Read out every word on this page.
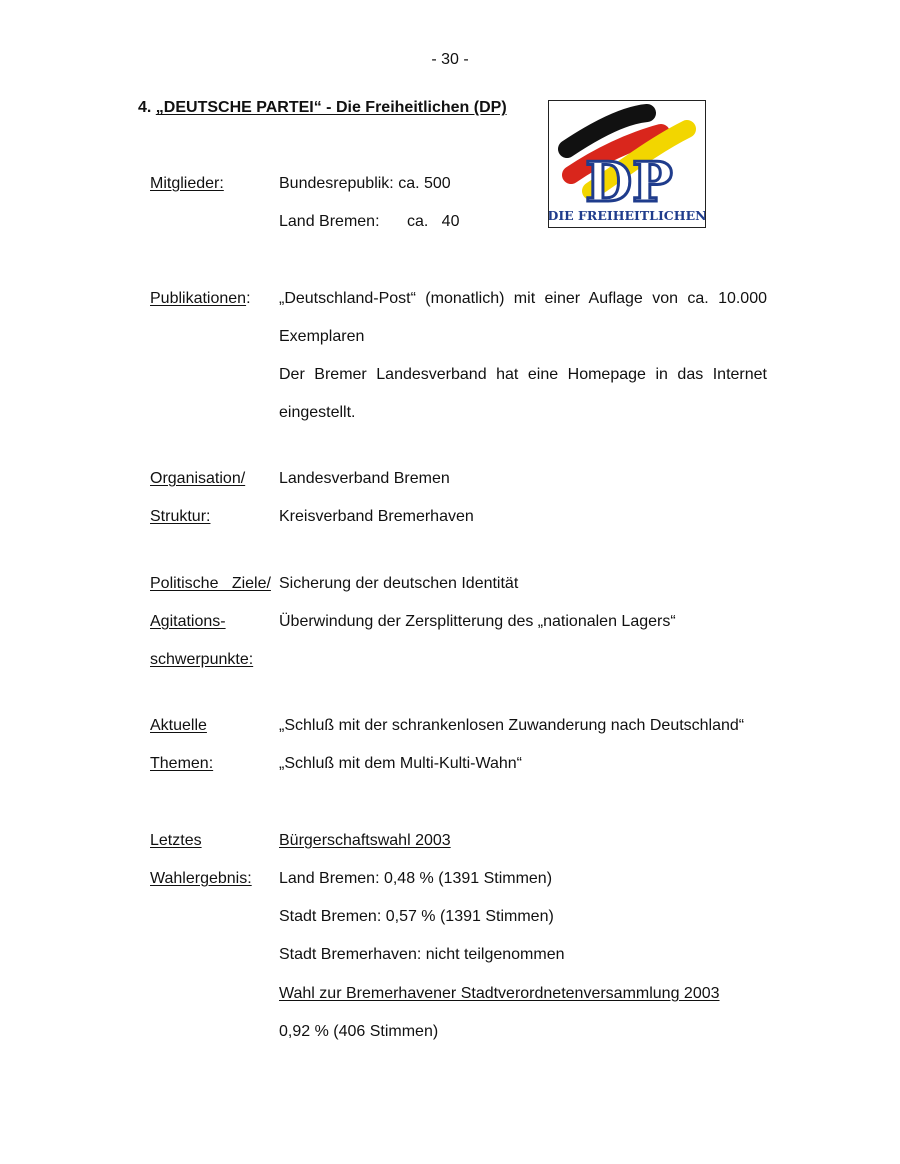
- 30 -
4. „DEUTSCHE PARTEI“ - Die Freiheitlichen (DP)
DP
DIE FREIHEITLICHEN
Mitglieder:	Bundesrepublik: ca. 500
Land Bremen: ca.   40
Publikationen: „Deutschland-Post“ (monatlich) mit einer Auflage von ca. 10.000
Exemplaren
Der Bremer Landesverband hat eine Homepage in das Internet
eingestellt.
Organisation/
Struktur:
Landesverband Bremen
Kreisverband Bremerhaven
Politische   Ziele/
Agitations-
schwerpunkte:
Sicherung der deutschen Identität
Überwindung der Zersplitterung des „nationalen Lagers“
Aktuelle
Themen:
„Schluß mit der schrankenlosen Zuwanderung nach Deutschland“
„Schluß mit dem Multi-Kulti-Wahn“
Letztes
Wahlergebnis:
Bürgerschaftswahl 2003
Land Bremen: 0,48 % (1391 Stimmen)
Stadt Bremen: 0,57 % (1391 Stimmen)
Stadt Bremerhaven: nicht teilgenommen
Wahl zur Bremerhavener Stadtverordnetenversammlung 2003
0,92 % (406 Stimmen)
